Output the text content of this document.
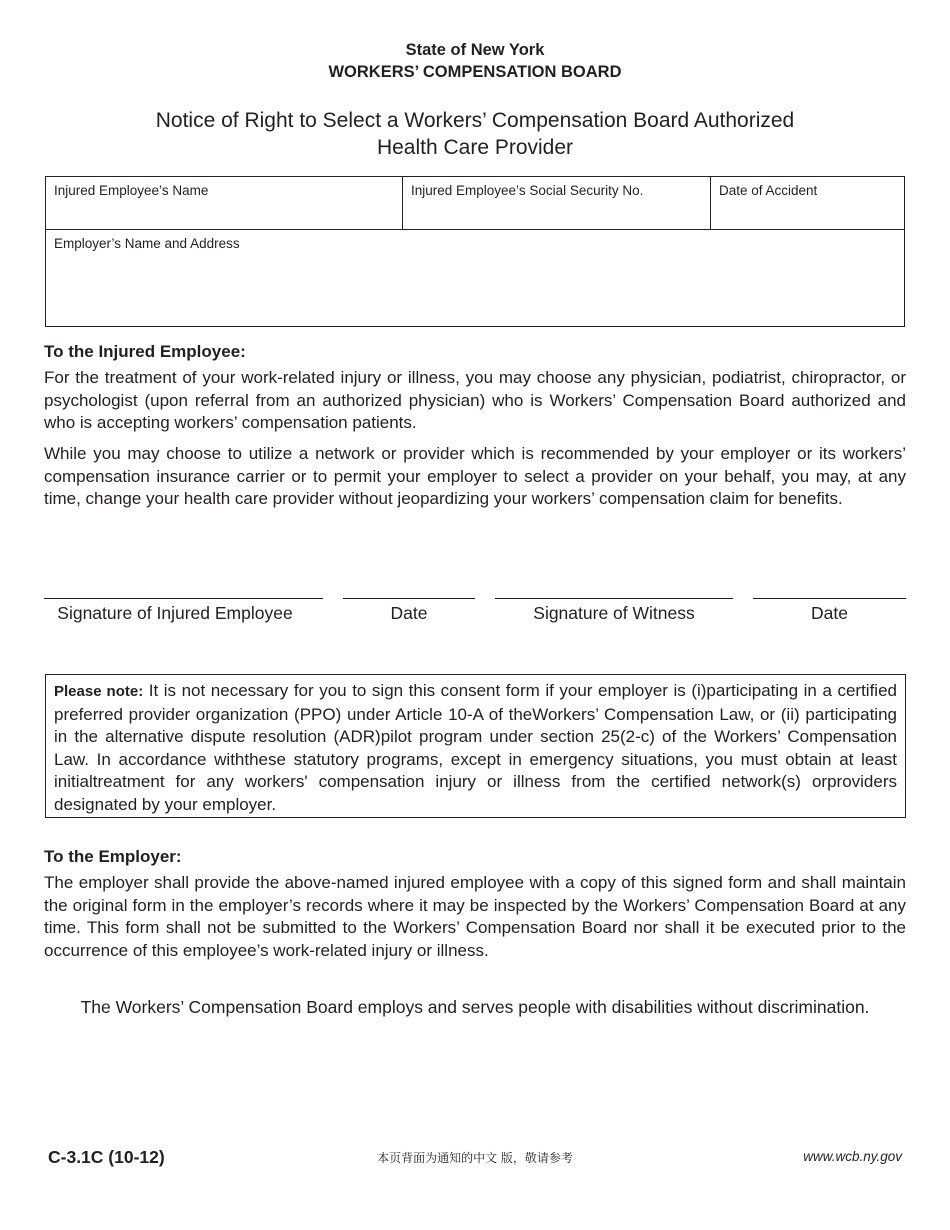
State of New York
WORKERS’ COMPENSATION BOARD
Notice of Right to Select a Workers’ Compensation Board Authorized
Health Care Provider
Injured Employee’s Name	Injured Employee’s Social Security No.	Date of Accident
Employer’s Name and Address
To the Injured Employee:
For the treatment of your work-related injury or illness, you may choose any physician, podiatrist, chiropractor, or psychologist (upon referral from an authorized physician) who is Workers’ Compensation Board authorized and who is accepting workers’ compensation patients.
While you may choose to utilize a network or provider which is recommended by your employer or its workers’ compensation insurance carrier or to permit your employer to select a provider on your behalf, you may, at any time, change your health care provider without jeopardizing your workers’ compensation claim for benefits.
Signature of Injured Employee	Date	Signature of Witness	Date
Please note: It is not necessary for you to sign this consent form if your employer is (i)participating in a certified preferred provider organization (PPO) under Article 10-A of theWorkers’ Compensation Law, or (ii) participating in the alternative dispute resolution (ADR)pilot program under section 25(2-c) of the Workers’ Compensation Law. In accordance withthese statutory programs, except in emergency situations, you must obtain at least initialtreatment for any workers' compensation injury or illness from the certified network(s) orproviders designated by your employer.
To the Employer:
The employer shall provide the above-named injured employee with a copy of this signed form and shall maintain the original form in the employer’s records where it may be inspected by the Workers’ Compensation Board at any time. This form shall not be submitted to the Workers’ Compensation Board nor shall it be executed prior to the occurrence of this employee’s work-related injury or illness.
The Workers’ Compensation Board employs and serves people with disabilities without discrimination.
C-3.1C (10-12)	本页背面为通知的中文 版，敬请参考	www.wcb.ny.gov
